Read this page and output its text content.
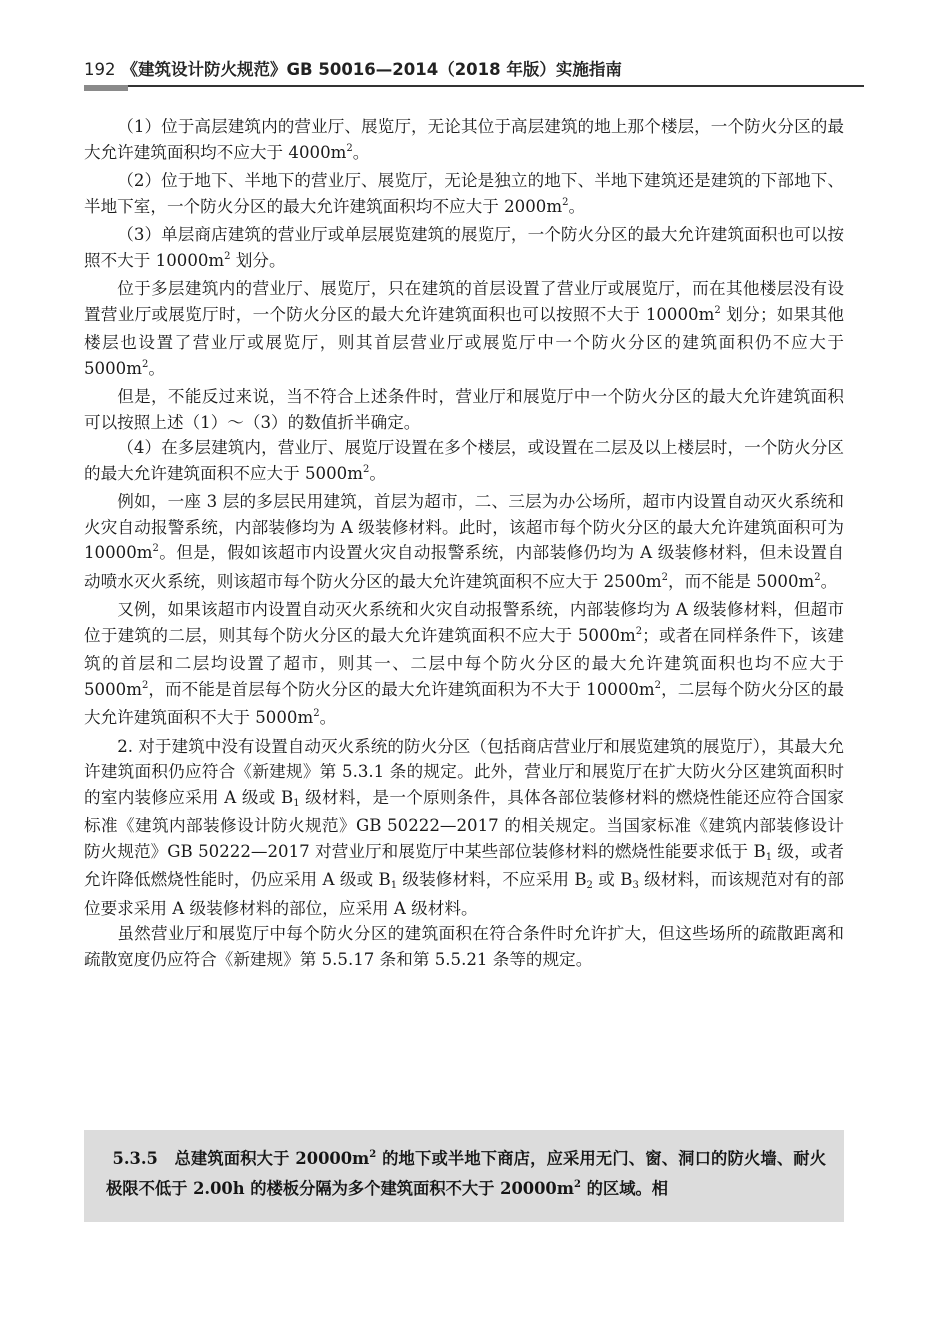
192 《建筑设计防火规范》GB 50016—2014（2018 年版）实施指南

（1）位于高层建筑内的营业厅、展览厅，无论其位于高层建筑的地上那个楼层，一个防火分区的最大允许建筑面积均不应大于 $4000m^2$。

（2）位于地下、半地下的营业厅、展览厅，无论是独立的地下、半地下建筑还是建筑的下部地下、半地下室，一个防火分区的最大允许建筑面积均不应大于 $2000m^2$。

（3）单层商店建筑的营业厅或单层展览建筑的展览厅，一个防火分区的最大允许建筑面积也可以按照不大于 $10000m^2$ 划分。

位于多层建筑内的营业厅、展览厅，只在建筑的首层设置了营业厅或展览厅，而在其他楼层没有设置营业厅或展览厅时，一个防火分区的最大允许建筑面积也可以按照不大于 $10000m^2$ 划分；如果其他楼层也设置了营业厅或展览厅，则其首层营业厅或展览厅中一个防火分区的建筑面积仍不应大于 $5000m^2$。

但是，不能反过来说，当不符合上述条件时，营业厅和展览厅中一个防火分区的最大允许建筑面积可以按照上述（1）～（3）的数值折半确定。

（4）在多层建筑内，营业厅、展览厅设置在多个楼层，或设置在二层及以上楼层时，一个防火分区的最大允许建筑面积不应大于 $5000m^2$。

例如，一座 3 层的多层民用建筑，首层为超市，二、三层为办公场所，超市内设置自动灭火系统和火灾自动报警系统，内部装修均为 A 级装修材料。此时，该超市每个防火分区的最大允许建筑面积可为 $10000m^2$。但是，假如该超市内设置火灾自动报警系统，内部装修仍均为 A 级装修材料，但未设置自动喷水灭火系统，则该超市每个防火分区的最大允许建筑面积不应大于 $2500m^2$，而不能是 $5000m^2$。

又例，如果该超市内设置自动灭火系统和火灾自动报警系统，内部装修均为 A 级装修材料，但超市位于建筑的二层，则其每个防火分区的最大允许建筑面积不应大于 $5000m^2$；或者在同样条件下，该建筑的首层和二层均设置了超市，则其一、二层中每个防火分区的最大允许建筑面积也均不应大于 $5000m^2$，而不能是首层每个防火分区的最大允许建筑面积为不大于 $10000m^2$，二层每个防火分区的最大允许建筑面积不大于 $5000m^2$。

2. 对于建筑中没有设置自动灭火系统的防火分区（包括商店营业厅和展览建筑的展览厅），其最大允许建筑面积仍应符合《新建规》第 5.3.1 条的规定。此外，营业厅和展览厅在扩大防火分区建筑面积时的室内装修应采用 A 级或 $B_1$ 级材料，是一个原则条件，具体各部位装修材料的燃烧性能还应符合国家标准《建筑内部装修设计防火规范》GB 50222—2017 的相关规定。当国家标准《建筑内部装修设计防火规范》GB 50222—2017 对营业厅和展览厅中某些部位装修材料的燃烧性能要求低于 $B_1$ 级，或者允许降低燃烧性能时，仍应采用 A 级或 $B_1$ 级装修材料，不应采用 $B_2$ 或 $B_3$ 级材料，而该规范对有的部位要求采用 A 级装修材料的部位，应采用 A 级材料。

虽然营业厅和展览厅中每个防火分区的建筑面积在符合条件时允许扩大，但这些场所的疏散距离和疏散宽度仍应符合《新建规》第 5.5.17 条和第 5.5.21 条等的规定。

5.3.5　总建筑面积大于 $20000m^2$ 的地下或半地下商店，应采用无门、窗、洞口的防火墙、耐火极限不低于 2.00h 的楼板分隔为多个建筑面积不大于 $20000m^2$ 的区域。相
